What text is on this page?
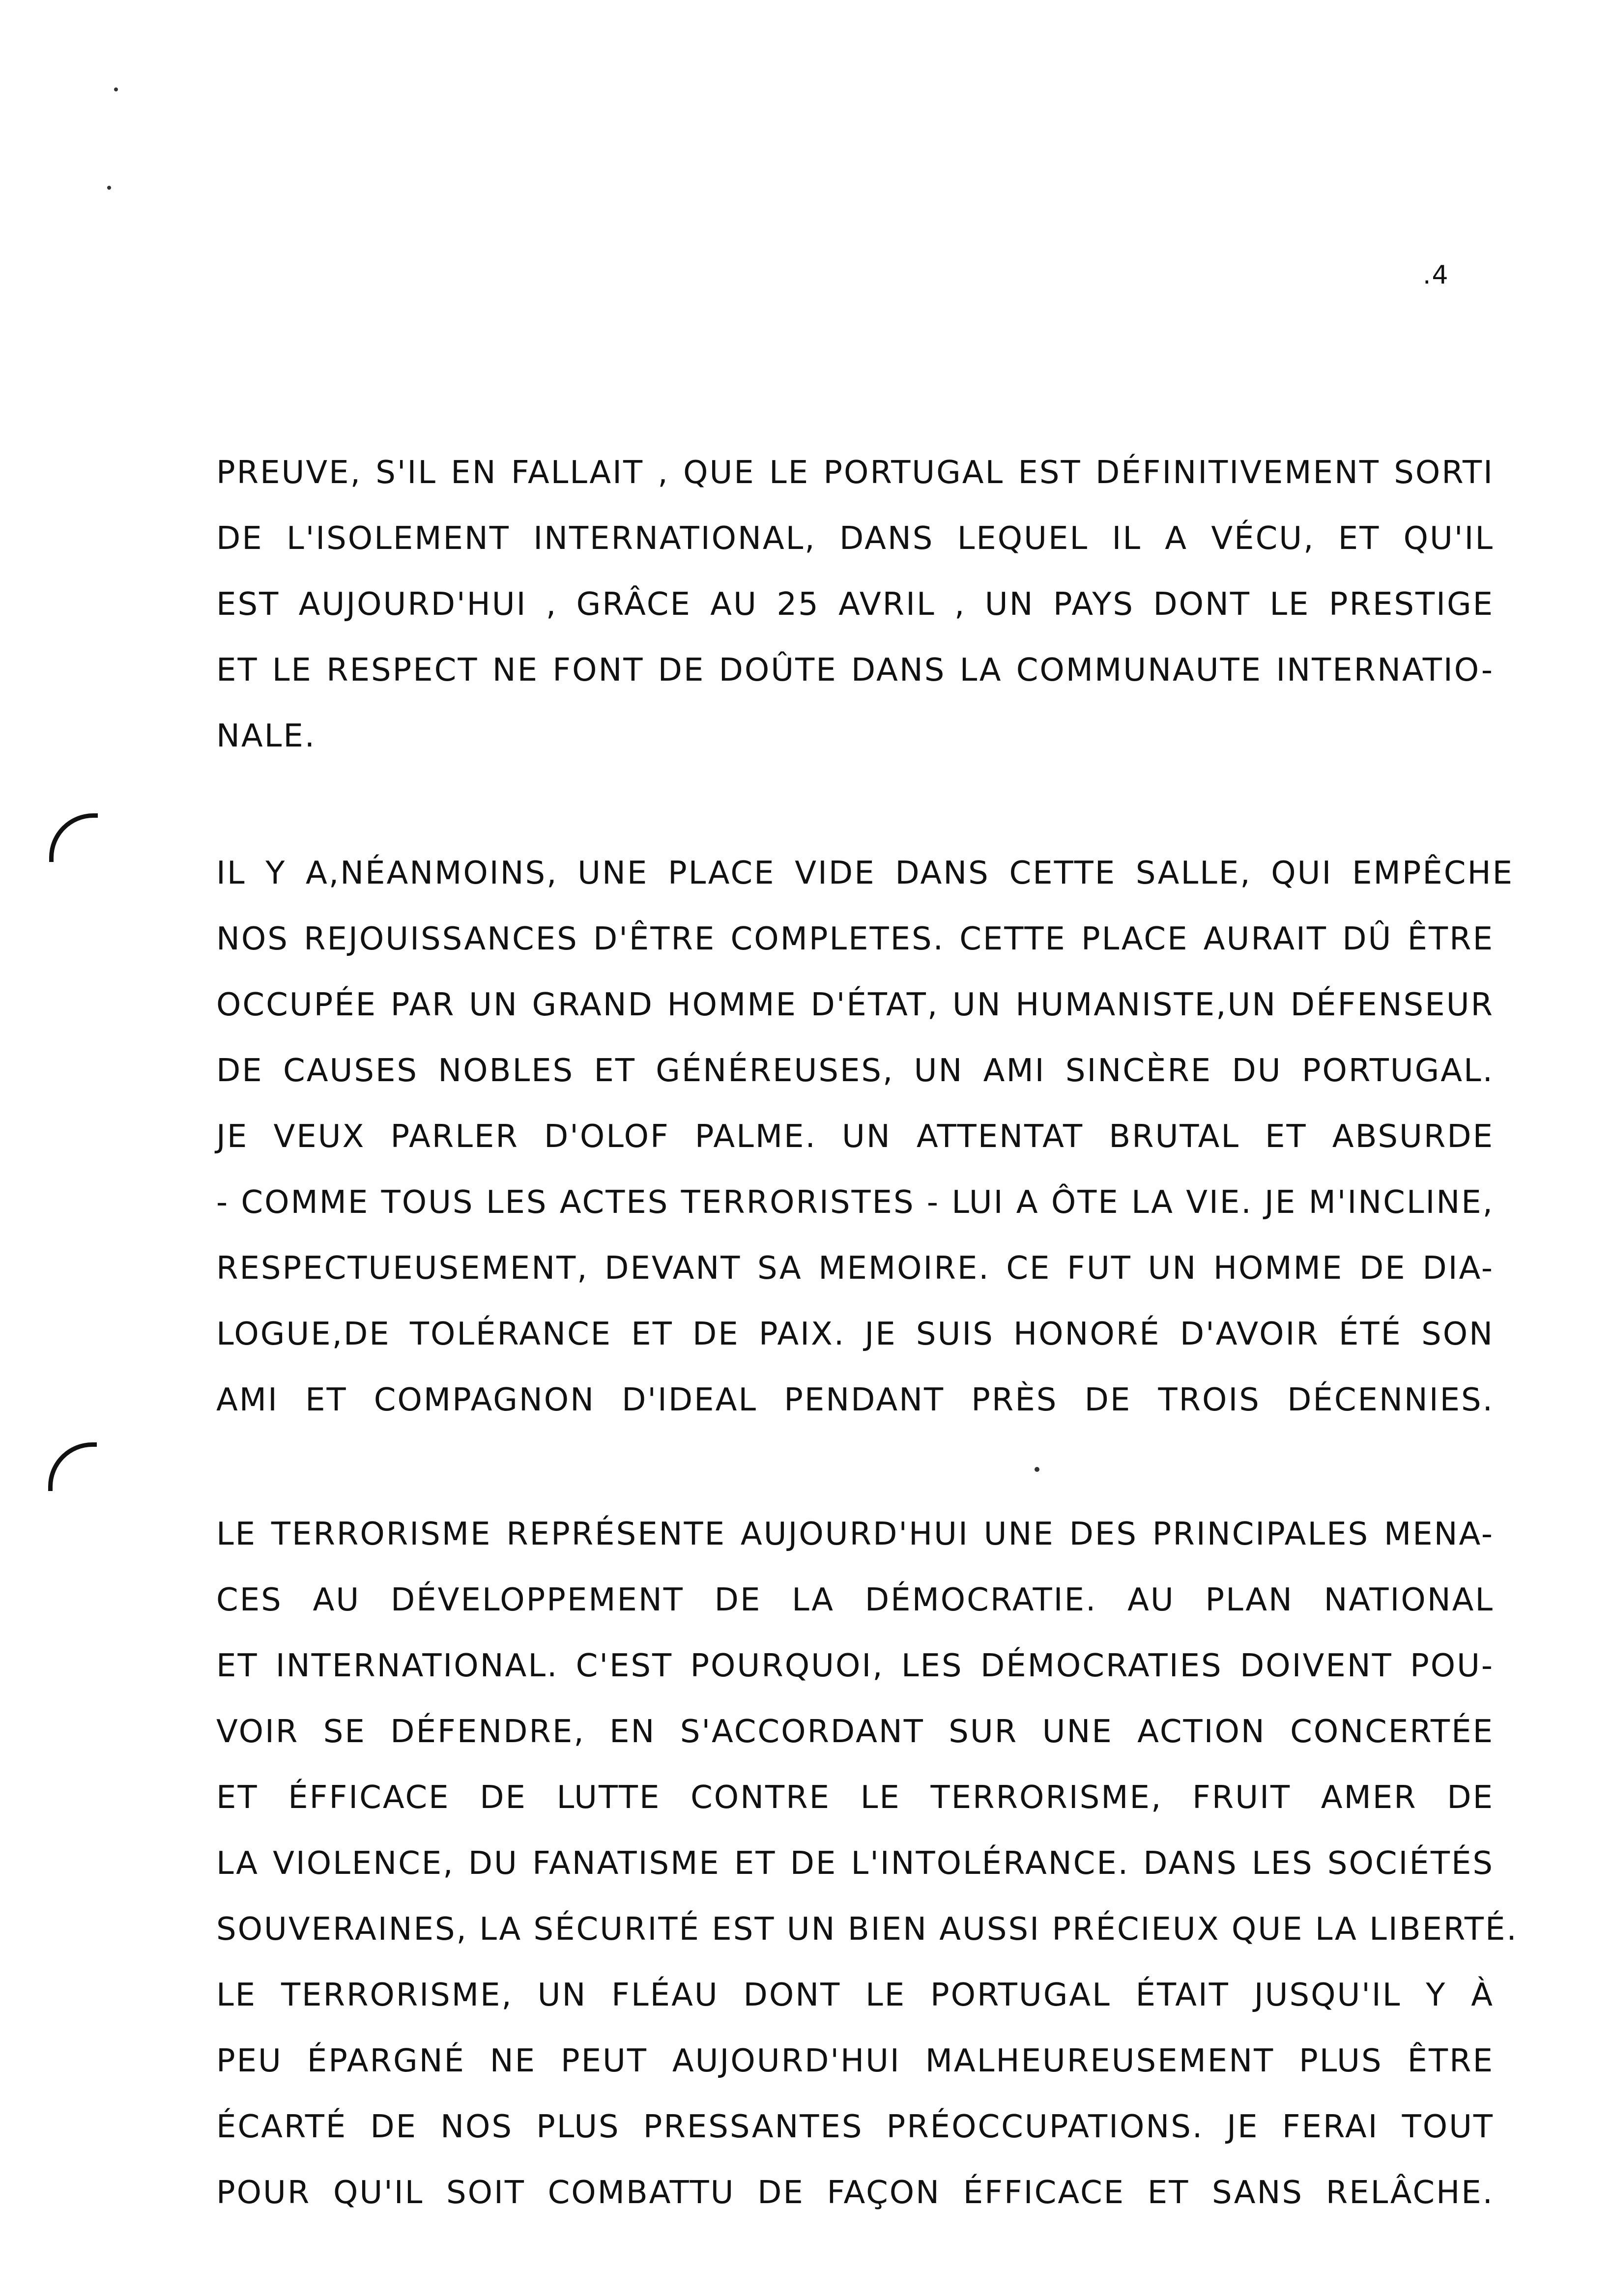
.4
PREUVE, S'IL EN FALLAIT , QUE LE PORTUGAL EST DÉFINITIVEMENT SORTI
DE L'ISOLEMENT INTERNATIONAL, DANS LEQUEL IL A VÉCU, ET QU'IL
EST AUJOURD'HUI , GRÂCE AU 25 AVRIL , UN PAYS DONT LE PRESTIGE
ET LE RESPECT NE FONT DE DOÛTE DANS LA COMMUNAUTE INTERNATIO-
NALE.
IL Y A,NÉANMOINS, UNE PLACE VIDE DANS CETTE SALLE, QUI EMPÊCHE
NOS REJOUISSANCES D'ÊTRE COMPLETES. CETTE PLACE AURAIT DÛ ÊTRE
OCCUPÉE PAR UN GRAND HOMME D'ÉTAT, UN HUMANISTE,UN DÉFENSEUR
DE CAUSES NOBLES ET GÉNÉREUSES, UN AMI SINCÈRE DU PORTUGAL.
JE VEUX PARLER D'OLOF PALME. UN ATTENTAT BRUTAL ET ABSURDE
- COMME TOUS LES ACTES TERRORISTES - LUI A ÔTE LA VIE. JE M'INCLINE,
RESPECTUEUSEMENT, DEVANT SA MEMOIRE. CE FUT UN HOMME DE DIA-
LOGUE,DE TOLÉRANCE ET DE PAIX. JE SUIS HONORÉ D'AVOIR ÉTÉ SON
AMI ET COMPAGNON D'IDEAL PENDANT PRÈS DE TROIS DÉCENNIES.
LE TERRORISME REPRÉSENTE AUJOURD'HUI UNE DES PRINCIPALES MENA-
CES AU DÉVELOPPEMENT DE LA DÉMOCRATIE. AU PLAN NATIONAL
ET INTERNATIONAL. C'EST POURQUOI, LES DÉMOCRATIES DOIVENT POU-
VOIR SE DÉFENDRE, EN S'ACCORDANT SUR UNE ACTION CONCERTÉE
ET ÉFFICACE DE LUTTE CONTRE LE TERRORISME, FRUIT AMER DE
LA VIOLENCE, DU FANATISME ET DE L'INTOLÉRANCE. DANS LES SOCIÉTÉS
SOUVERAINES, LA SÉCURITÉ EST UN BIEN AUSSI PRÉCIEUX QUE LA LIBERTÉ.
LE TERRORISME, UN FLÉAU DONT LE PORTUGAL ÉTAIT JUSQU'IL Y À
PEU ÉPARGNÉ NE PEUT AUJOURD'HUI MALHEUREUSEMENT PLUS ÊTRE
ÉCARTÉ DE NOS PLUS PRESSANTES PRÉOCCUPATIONS. JE FERAI TOUT
POUR QU'IL SOIT COMBATTU DE FAÇON ÉFFICACE ET SANS RELÂCHE.
